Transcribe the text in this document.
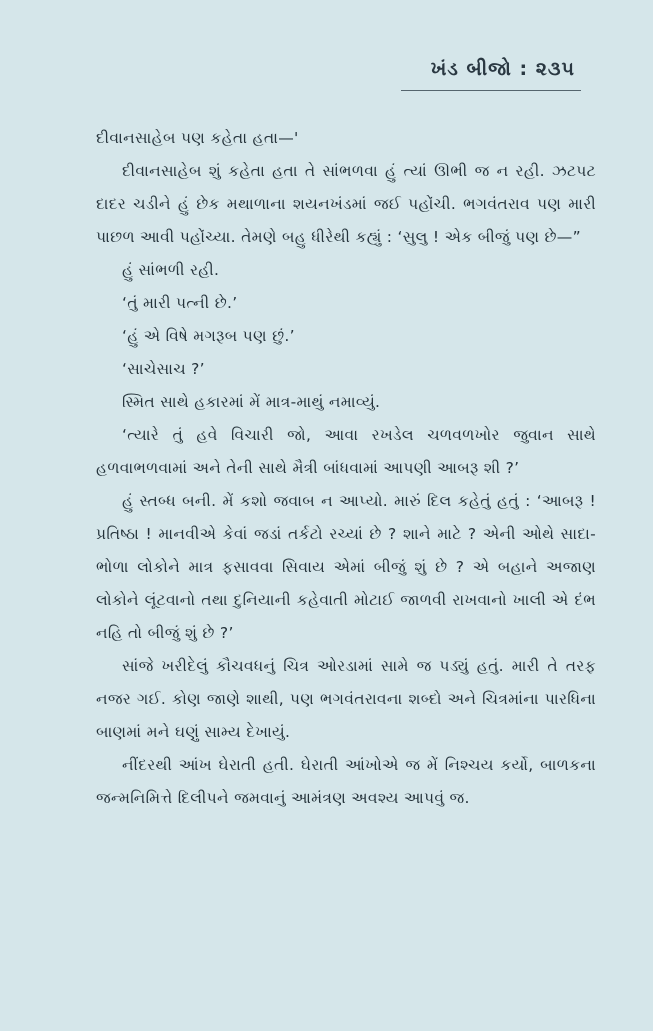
ખંડ બીજો : ૨૩૫

દીવાનસાહેબ પણ કહેતા હતા—'

દીવાનસાહેબ શું કહેતા હતા તે સાંભળવા હું ત્યાં ઊભી જ ન રહી. ઝટપટ દાદર ચડીને હું છેક મથાળાના શયનખંડમાં જઈ પહોંચી. ભગવંતરાવ પણ મારી પાછળ આવી પહોંચ્યા. તેમણે બહુ ધીરેથી કહ્યું : ‘સુલુ ! એક બીજું પણ છે—”

હું સાંભળી રહી.

‘તું મારી પત્ની છે.’

‘હું એ વિષે મગરૂબ પણ છું.’

‘સાચેસાચ ?’

સ્મિત સાથે હકારમાં મેં માત્ર-માથું નમાવ્યું.

‘ત્યારે તું હવે વિચારી જો, આવા રખડેલ ચળવળખોર જુવાન સાથે હળવાભળવામાં અને તેની સાથે મૈત્રી બાંધવામાં આપણી આબરૂ શી ?’

હું સ્તબ્ધ બની. મેં કશો જવાબ ન આપ્યો. મારું દિલ કહેતું હતું : ‘આબરૂ ! પ્રતિષ્ઠા ! માનવીએ કેવાં જડાં તર્કટો રચ્યાં છે ? શાને માટે ? એની ઓથે સાદા-ભોળા લોકોને માત્ર ફસાવવા સિવાય એમાં બીજું શું છે ? એ બહાને અજાણ લોકોને લૂંટવાનો તથા દુનિયાની કહેવાતી મોટાઈ જાળવી રાખવાનો ખાલી એ દંભ નહિ તો બીજું શું છે ?’

સાંજે ખરીદેલું કૌચવધનું ચિત્ર ઓરડામાં સામે જ પડ્યું હતું. મારી તે તરફ નજર ગઈ. કોણ જાણે શાથી, પણ ભગવંતરાવના શબ્દો અને ચિત્રમાંના પારધિના બાણમાં મને ઘણું સામ્ય દેખાયું.

નીંદરથી આંખ ઘેરાતી હતી. ઘેરાતી આંખોએ જ મેં નિશ્ચય કર્યો, બાળકના જન્મનિમિત્તે દિલીપને જમવાનું આમંત્રણ અવશ્ય આપવું જ.
